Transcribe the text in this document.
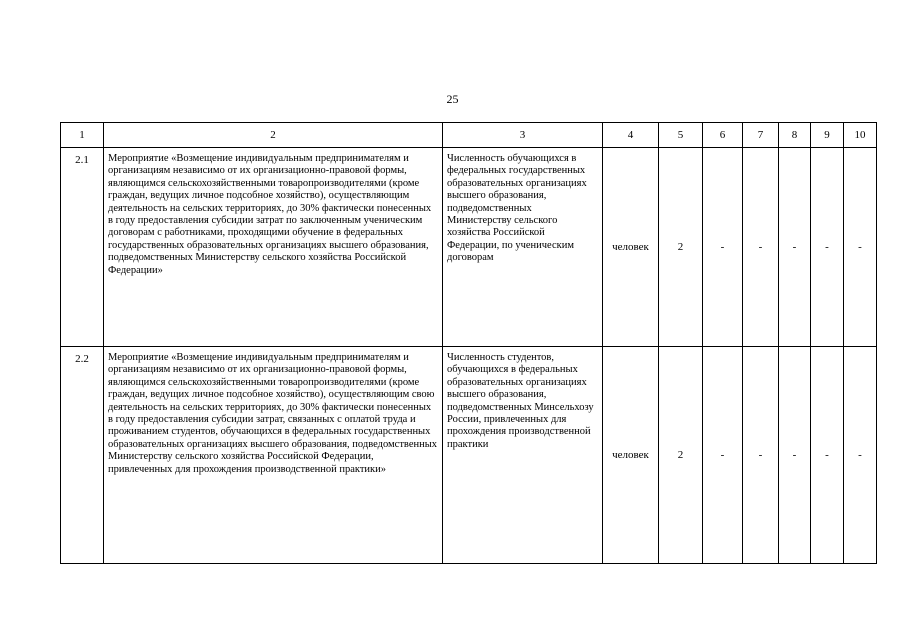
25
1	2	3	4	5	6	7	8	9	10
2.1	Мероприятие «Возмещение индивидуальным предпринимателям и организациям независимо от их организационно-правовой формы, являющимся сельскохозяйственными товаропроизводителями (кроме граждан, ведущих личное подсобное хозяйство), осуществляющим деятельность на сельских территориях, до 30% фактически понесенных в году предоставления субсидии затрат по заключенным ученическим договорам с работниками, проходящими обучение в федеральных государственных образовательных организациях высшего образования, подведомственных Министерству сельского хозяйства Российской Федерации»	Численность обучающихся в федеральных государственных образовательных организациях высшего образования, подведомственных Министерству сельского хозяйства Российской Федерации, по ученическим договорам	человек	2	-	-	-	-	-
2.2	Мероприятие «Возмещение индивидуальным предпринимателям и организациям независимо от их организационно-правовой формы, являющимся сельскохозяйственными товаропроизводителями (кроме граждан, ведущих личное подсобное хозяйство), осуществляющим свою деятельность на сельских территориях, до 30% фактически понесенных в году предоставления субсидии затрат, связанных с оплатой труда и проживанием студентов, обучающихся в федеральных государственных образовательных организациях высшего образования, подведомственных Министерству сельского хозяйства Российской Федерации, привлеченных для прохождения производственной практики»	Численность студентов, обучающихся в федеральных образовательных организациях высшего образования, подведомственных Минсельхозу России, привлеченных для прохождения производственной практики	человек	2	-	-	-	-	-
